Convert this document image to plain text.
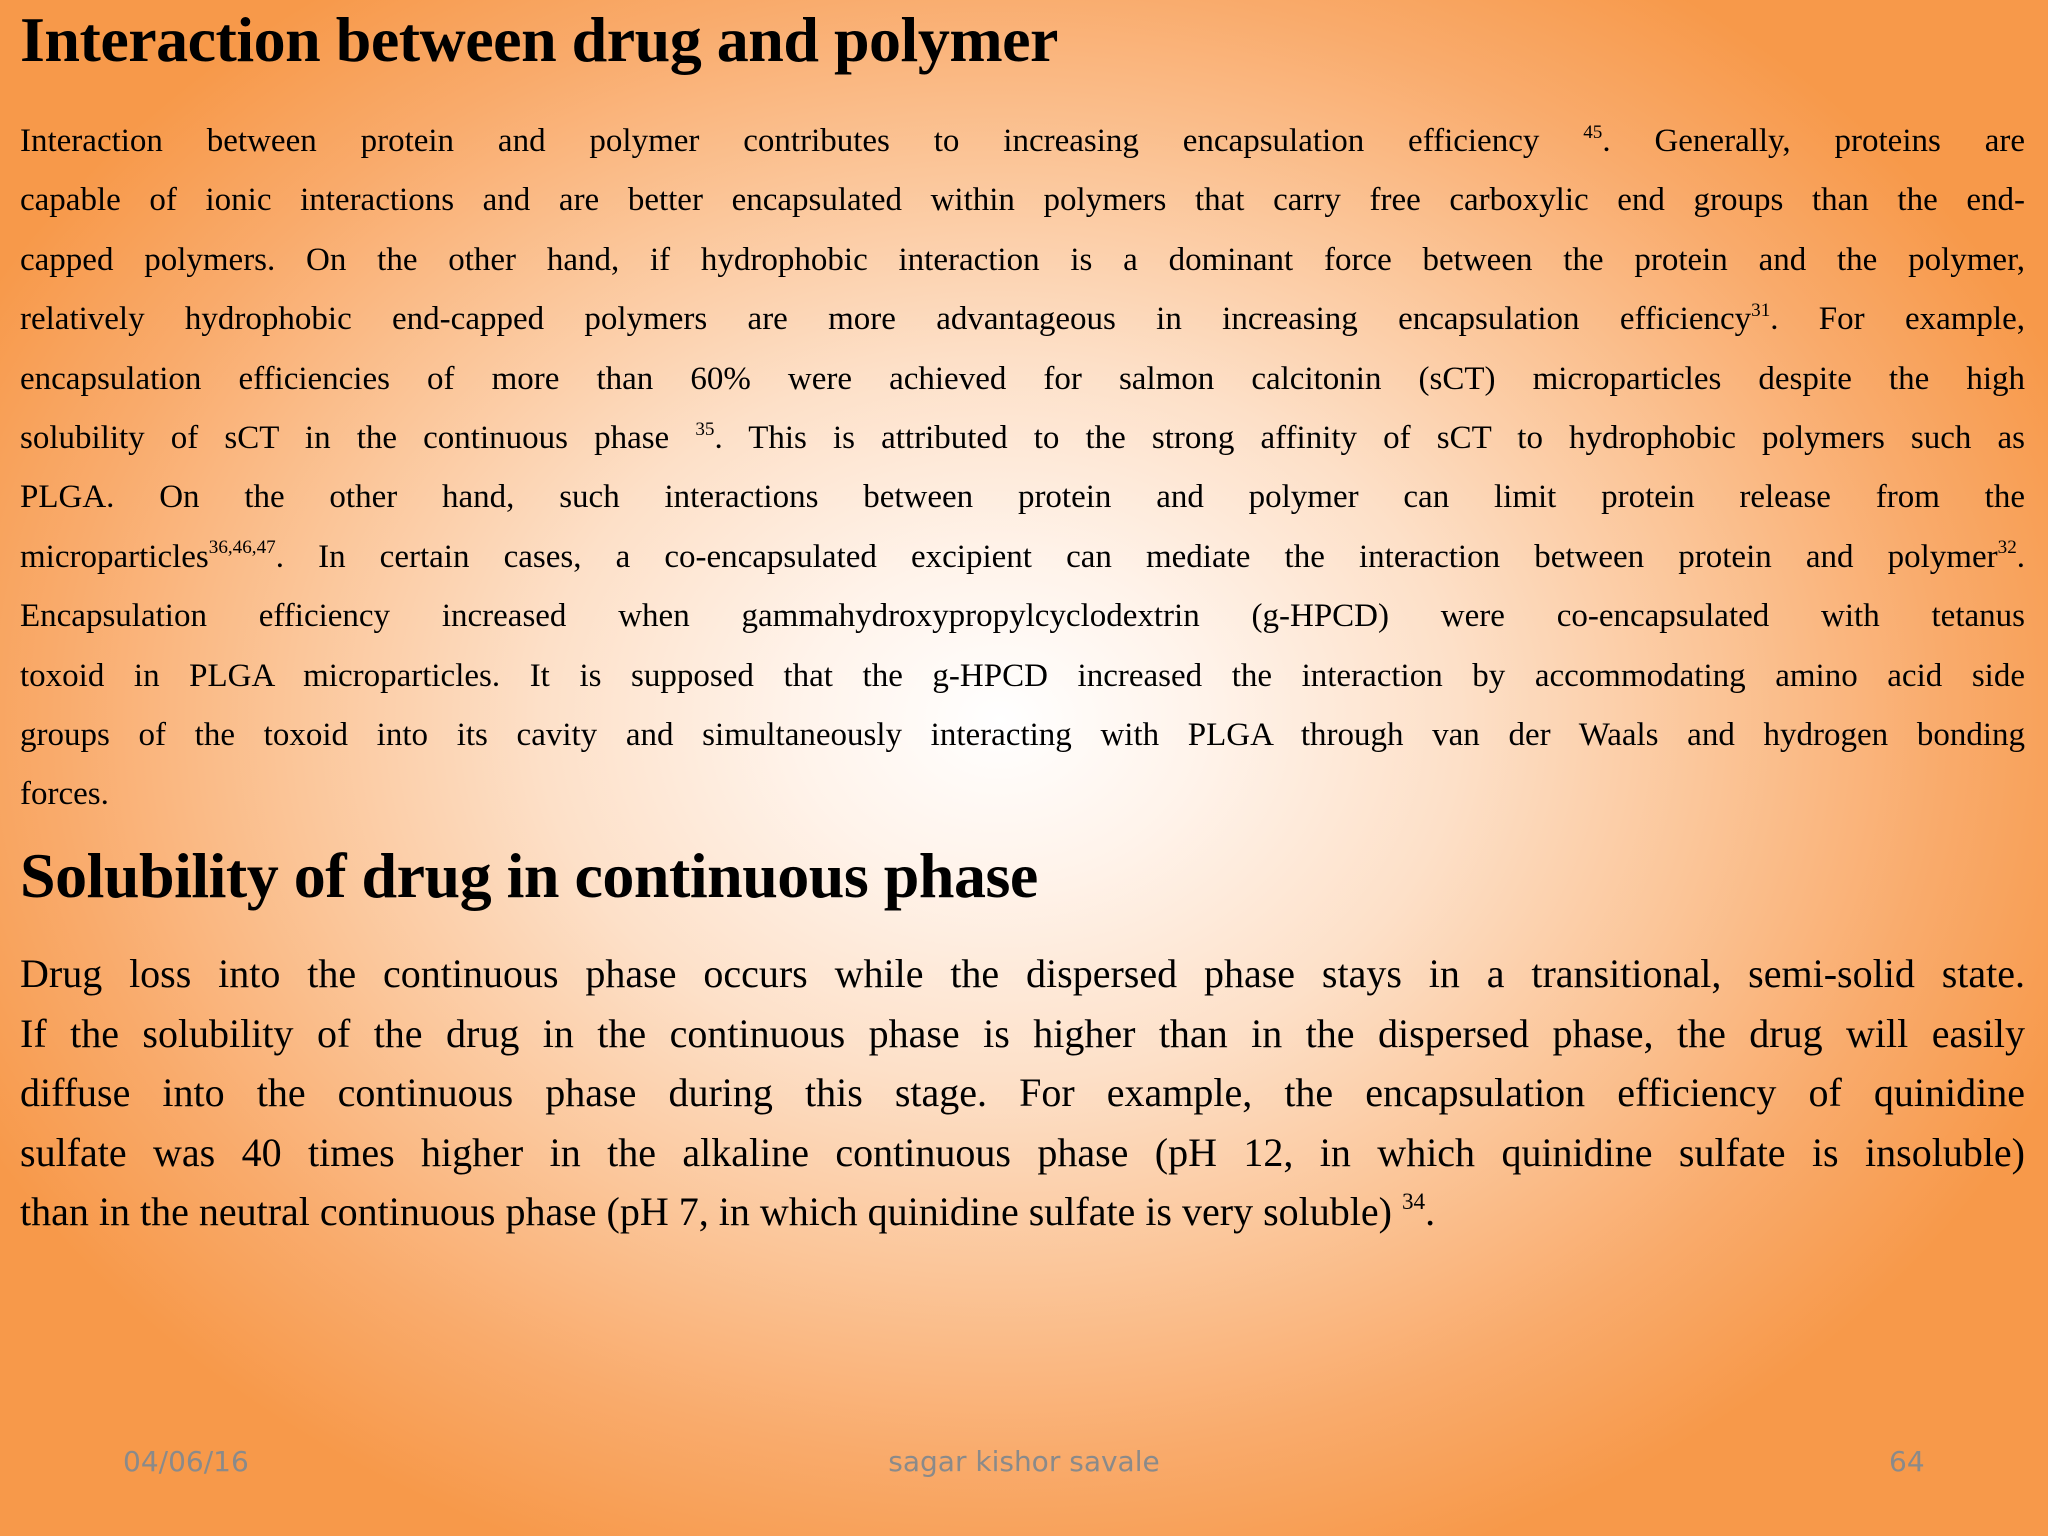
Interaction between drug and polymer
Interaction between protein and polymer contributes to increasing encapsulation efficiency $^{45}$. Generally, proteins are
capable of ionic interactions and are better encapsulated within polymers that carry free carboxylic end groups than the end-
capped polymers. On the other hand, if hydrophobic interaction is a dominant force between the protein and the polymer,
relatively hydrophobic end-capped polymers are more advantageous in increasing encapsulation efficiency$^{31}$. For example,
encapsulation efficiencies of more than 60% were achieved for salmon calcitonin (sCT) microparticles despite the high
solubility of sCT in the continuous phase $^{35}$. This is attributed to the strong affinity of sCT to hydrophobic polymers such as
PLGA. On the other hand, such interactions between protein and polymer can limit protein release from the
microparticles$^{36,46,47}$. In certain cases, a co-encapsulated excipient can mediate the interaction between protein and polymer$^{32}$.
Encapsulation efficiency increased when gammahydroxypropylcyclodextrin (g-HPCD) were co-encapsulated with tetanus
toxoid in PLGA microparticles. It is supposed that the g-HPCD increased the interaction by accommodating amino acid side
groups of the toxoid into its cavity and simultaneously interacting with PLGA through van der Waals and hydrogen bonding
forces.
Solubility of drug in continuous phase
Drug loss into the continuous phase occurs while the dispersed phase stays in a transitional, semi-solid state.
If the solubility of the drug in the continuous phase is higher than in the dispersed phase, the drug will easily
diffuse into the continuous phase during this stage. For example, the encapsulation efficiency of quinidine
sulfate was 40 times higher in the alkaline continuous phase (pH 12, in which quinidine sulfate is insoluble)
than in the neutral continuous phase (pH 7, in which quinidine sulfate is very soluble) $^{34}$.
04/06/16	sagar kishor savale	64
